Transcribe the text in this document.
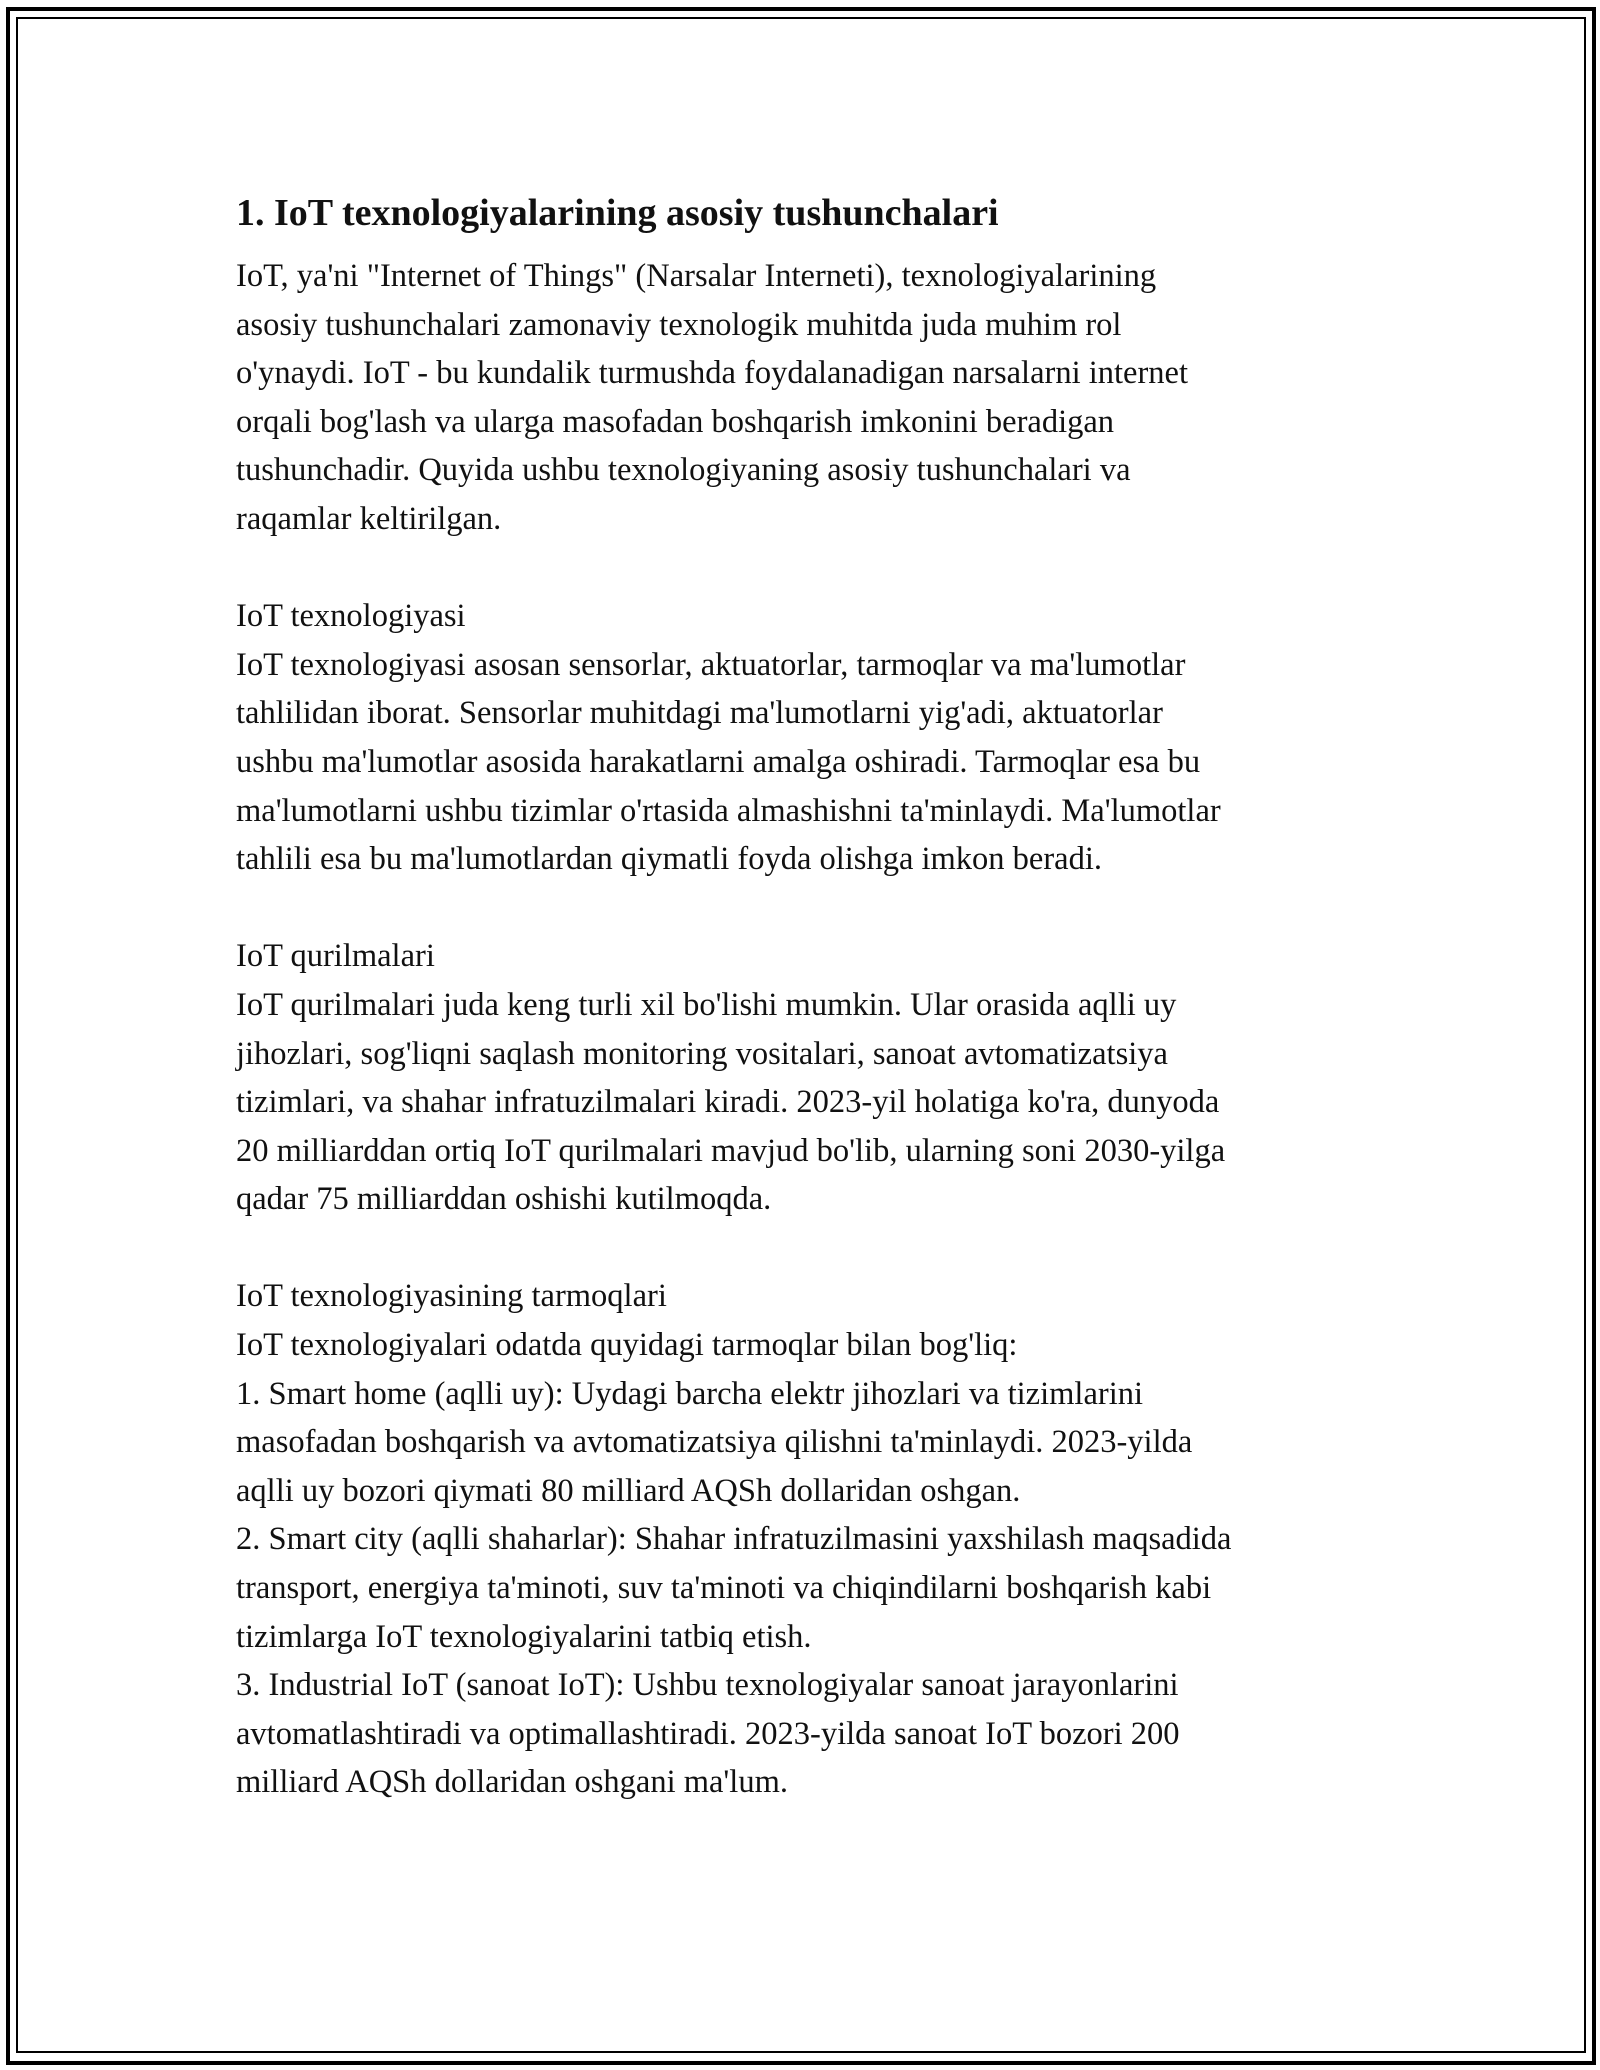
1. IoT texnologiyalarining asosiy tushunchalari
IoT, ya'ni "Internet of Things" (Narsalar Interneti), texnologiyalarining
asosiy tushunchalari zamonaviy texnologik muhitda juda muhim rol
o'ynaydi. IoT - bu kundalik turmushda foydalanadigan narsalarni internet
orqali bog'lash va ularga masofadan boshqarish imkonini beradigan
tushunchadir. Quyida ushbu texnologiyaning asosiy tushunchalari va
raqamlar keltirilgan.
IoT texnologiyasi
IoT texnologiyasi asosan sensorlar, aktuatorlar, tarmoqlar va ma'lumotlar
tahlilidan iborat. Sensorlar muhitdagi ma'lumotlarni yig'adi, aktuatorlar
ushbu ma'lumotlar asosida harakatlarni amalga oshiradi. Tarmoqlar esa bu
ma'lumotlarni ushbu tizimlar o'rtasida almashishni ta'minlaydi. Ma'lumotlar
tahlili esa bu ma'lumotlardan qiymatli foyda olishga imkon beradi.
IoT qurilmalari
IoT qurilmalari juda keng turli xil bo'lishi mumkin. Ular orasida aqlli uy
jihozlari, sog'liqni saqlash monitoring vositalari, sanoat avtomatizatsiya
tizimlari, va shahar infratuzilmalari kiradi. 2023-yil holatiga ko'ra, dunyoda
20 milliarddan ortiq IoT qurilmalari mavjud bo'lib, ularning soni 2030-yilga
qadar 75 milliarddan oshishi kutilmoqda.
IoT texnologiyasining tarmoqlari
IoT texnologiyalari odatda quyidagi tarmoqlar bilan bog'liq:
1. Smart home (aqlli uy): Uydagi barcha elektr jihozlari va tizimlarini
masofadan boshqarish va avtomatizatsiya qilishni ta'minlaydi. 2023-yilda
aqlli uy bozori qiymati 80 milliard AQSh dollaridan oshgan.
2. Smart city (aqlli shaharlar): Shahar infratuzilmasini yaxshilash maqsadida
transport, energiya ta'minoti, suv ta'minoti va chiqindilarni boshqarish kabi
tizimlarga IoT texnologiyalarini tatbiq etish.
3. Industrial IoT (sanoat IoT): Ushbu texnologiyalar sanoat jarayonlarini
avtomatlashtiradi va optimallashtiradi. 2023-yilda sanoat IoT bozori 200
milliard AQSh dollaridan oshgani ma'lum.
